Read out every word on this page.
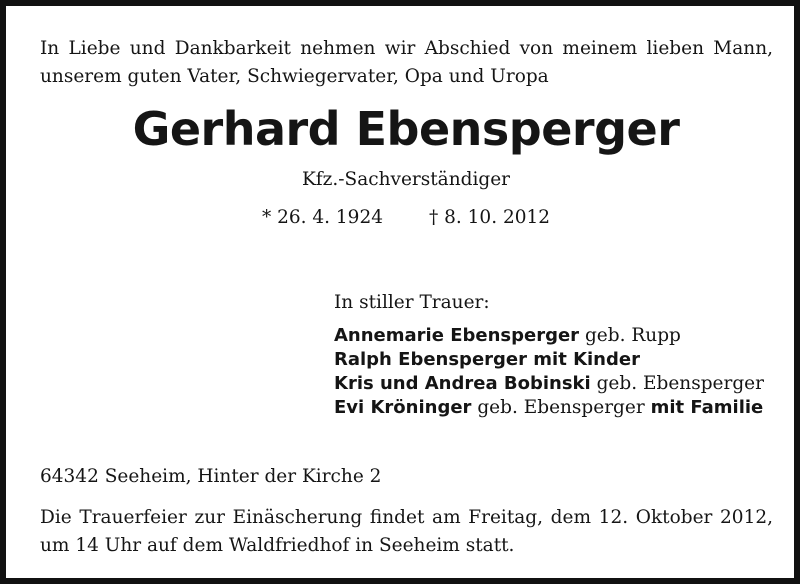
In Liebe und Dankbarkeit nehmen wir Abschied von meinem lieben Mann, unserem guten Vater, Schwiegervater, Opa und Uropa
Gerhard Ebensperger
Kfz.-Sachverständiger
* 26. 4. 1924 † 8. 10. 2012
In stiller Trauer:
Annemarie Ebensperger geb. Rupp
Ralph Ebensperger mit Kinder
Kris und Andrea Bobinski geb. Ebensperger
Evi Kröninger geb. Ebensperger mit Familie
64342 Seeheim, Hinter der Kirche 2
Die Trauerfeier zur Einäscherung findet am Freitag, dem 12. Oktober 2012, um 14 Uhr auf dem Waldfriedhof in Seeheim statt.
